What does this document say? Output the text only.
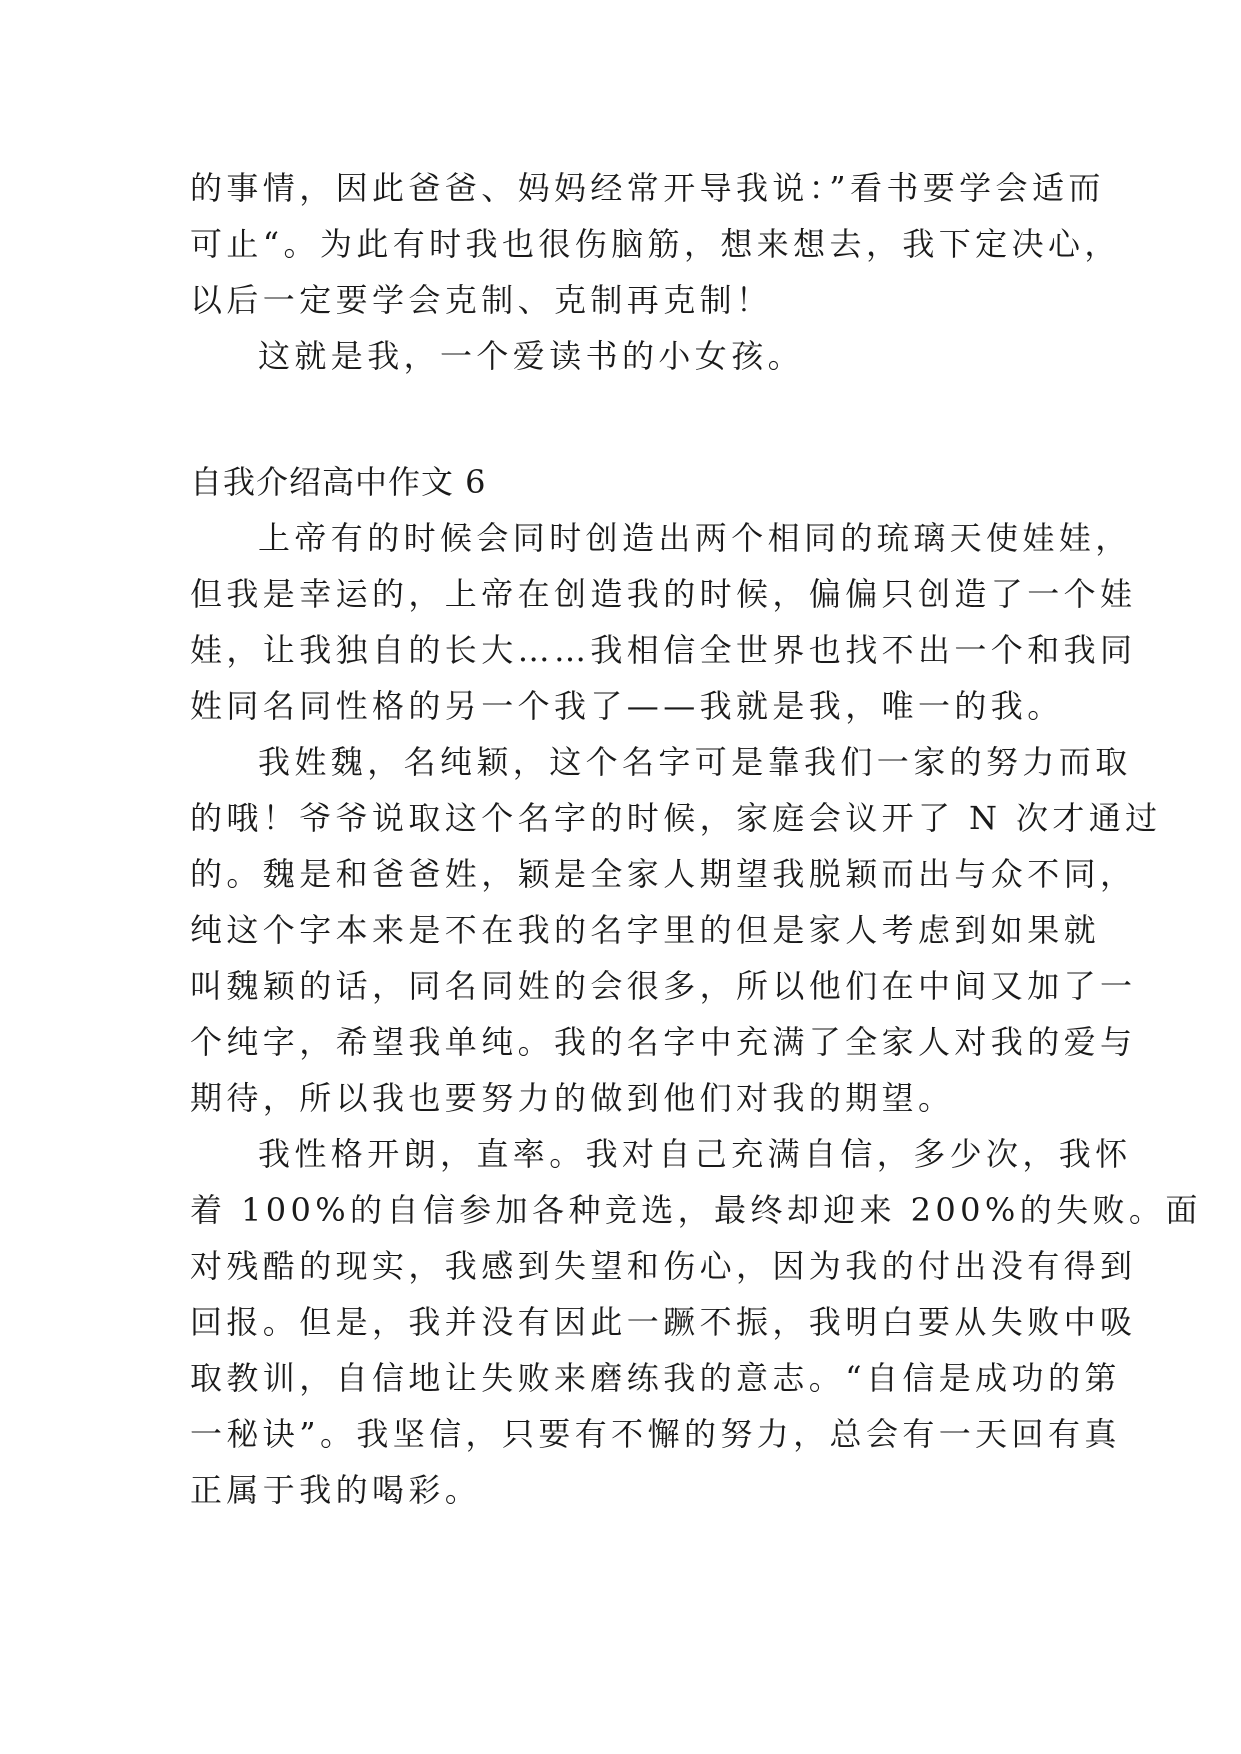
的事情，因此爸爸、妈妈经常开导我说：”看书要学会适而
可止“。为此有时我也很伤脑筋，想来想去，我下定决心，
以后一定要学会克制、克制再克制！
这就是我，一个爱读书的小女孩。
自我介绍高中作文 6
上帝有的时候会同时创造出两个相同的琉璃天使娃娃，
但我是幸运的，上帝在创造我的时候，偏偏只创造了一个娃
娃，让我独自的长大……我相信全世界也找不出一个和我同
姓同名同性格的另一个我了——我就是我，唯一的我。
我姓魏，名纯颖，这个名字可是靠我们一家的努力而取
的哦！爷爷说取这个名字的时候，家庭会议开了 N 次才通过
的。魏是和爸爸姓，颖是全家人期望我脱颖而出与众不同，
纯这个字本来是不在我的名字里的但是家人考虑到如果就
叫魏颖的话，同名同姓的会很多，所以他们在中间又加了一
个纯字，希望我单纯。我的名字中充满了全家人对我的爱与
期待，所以我也要努力的做到他们对我的期望。
我性格开朗，直率。我对自己充满自信，多少次，我怀
着 100%的自信参加各种竞选，最终却迎来 200%的失败。面
对残酷的现实，我感到失望和伤心，因为我的付出没有得到
回报。但是，我并没有因此一蹶不振，我明白要从失败中吸
取教训，自信地让失败来磨练我的意志。“自信是成功的第
一秘诀”。我坚信，只要有不懈的努力，总会有一天回有真
正属于我的喝彩。
